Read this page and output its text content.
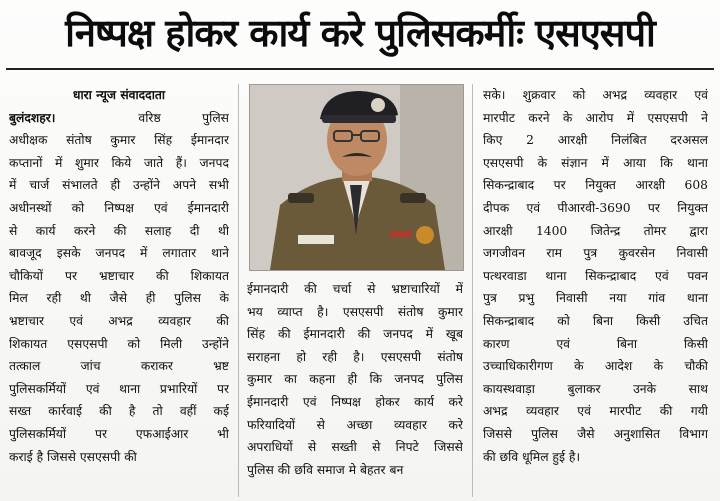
निष्पक्ष होकर कार्य करे पुलिसकर्मीः एसएसपी
धारा न्यूज संवाददाता
बुलंदशहर।	वरिष्ठ पुलिस
अधीक्षक संतोष कुमार सिंह ईमानदार
कप्तानों में शुमार किये जाते हैं। जनपद
में चार्ज संभालते ही उन्होंने अपने सभी
अधीनस्थों को निष्पक्ष एवं ईमानदारी
से कार्य करने की सलाह दी थी
बावजूद इसके जनपद में लगातार थाने
चौकियों पर भ्रष्टाचार की शिकायत
मिल रही थी जैसे ही पुलिस के
भ्रष्टाचार एवं अभद्र व्यवहार की
शिकायत एसएसपी को मिली उन्होंने
तत्काल जांच कराकर भ्रष्ट
पुलिसकर्मियों एवं थाना प्रभारियों पर
सख्त कार्रवाई की है तो वहीं कई
पुलिसकर्मियों पर एफआईआर भी
कराई है जिससे एसएसपी की
ईमानदारी की चर्चा से भ्रष्टाचारियों में
भय व्याप्त है। एसएसपी संतोष कुमार
सिंह की ईमानदारी की जनपद में खूब
सराहना हो रही है। एसएसपी संतोष
कुमार का कहना ही कि जनपद पुलिस
ईमानदारी एवं निष्पक्ष होकर कार्य करे
फरियादियों से अच्छा व्यवहार करे
अपराधियों से सख्ती से निपटे जिससे
पुलिस की छवि समाज मे बेहतर बन
सके। शुक्रवार को अभद्र व्यवहार एवं
मारपीट करने के आरोप में एसएसपी ने
किए 2 आरक्षी निलंबित दरअसल
एसएसपी के संज्ञान में आया कि थाना
सिकन्द्राबाद पर नियुक्त आरक्षी 608
दीपक एवं पीआरवी-3690 पर नियुक्त
आरक्षी 1400 जितेन्द्र तोमर द्वारा
जगजीवन राम पुत्र कुवरसेन निवासी
पत्थरवाडा थाना सिकन्द्राबाद एवं पवन
पुत्र प्रभु निवासी नया गांव थाना
सिकन्द्राबाद को बिना किसी उचित
कारण एवं बिना किसी
उच्चाधिकारीगण के आदेश के चौकी
कायस्थवाड़ा बुलाकर उनके साथ
अभद्र व्यवहार एवं मारपीट की गयी
जिससे पुलिस जैसे अनुशासित विभाग
की छवि धूमिल हुई है।
